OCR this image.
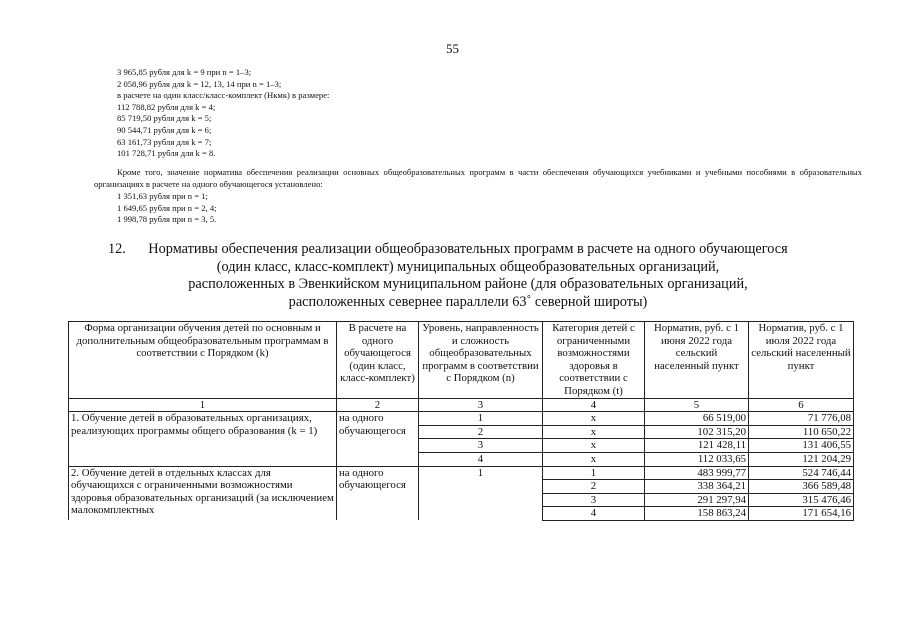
55
3 965,85 рубля для k = 9 при n = 1–3;
2 058,96 рубля для k = 12, 13, 14 при n = 1–3;
в расчете на один класс/класс-комплект (Нкмк) в размере:
112 788,82 рубля для k = 4;
85 719,50 рубля для k = 5;
90 544,71 рубля для k = 6;
63 161,73 рубля для k = 7;
101 728,71 рубля для k = 8.
Кроме того, значение норматива обеспечения реализации основных общеобразовательных программ в части обеспечения обучающихся учебниками и учебными пособиями в образовательных организациях в расчете на одного обучающегося установлено:
1 351,63 рубля при n = 1;
1 649,65 рубля при n = 2, 4;
1 998,78 рубля при n = 3, 5.
12.	Нормативы обеспечения реализации общеобразовательных программ в расчете на одного обучающегося
(один класс, класс-комплект) муниципальных общеобразовательных организаций,
расположенных в Эвенкийском муниципальном районе (для образовательных организаций,
расположенных севернее параллели 63˚ северной широты)
Форма организации обучения детей по основным и дополнительным общеобразовательным программам в соответствии с Порядком (k)	В расчете на одного обучающегося (один класс, класс-комплект)	Уровень, направленность и сложность общеобразовательных программ в соответствии с Порядком (n)	Категория детей с ограниченными возможностями здоровья в соответствии с Порядком (t)	Норматив, руб. с 1 июня 2022 года сельский населенный пункт	Норматив, руб. с 1 июля 2022 года сельский населенный пункт
1	2	3	4	5	6
1. Обучение детей в образовательных организациях, реализующих программы общего образования (k = 1)	на одного обучающегося	1	х	66 519,00	71 776,08
		2	х	102 315,20	110 650,22
		3	х	121 428,11	131 406,55
		4	х	112 033,65	121 204,29
2. Обучение детей в отдельных классах для обучающихся с ограниченными возможностями здоровья образовательных организаций (за исключением малокомплектных	на одного обучающегося	1	1	483 999,77	524 746,44
			2	338 364,21	366 589,48
			3	291 297,94	315 476,46
			4	158 863,24	171 654,16
